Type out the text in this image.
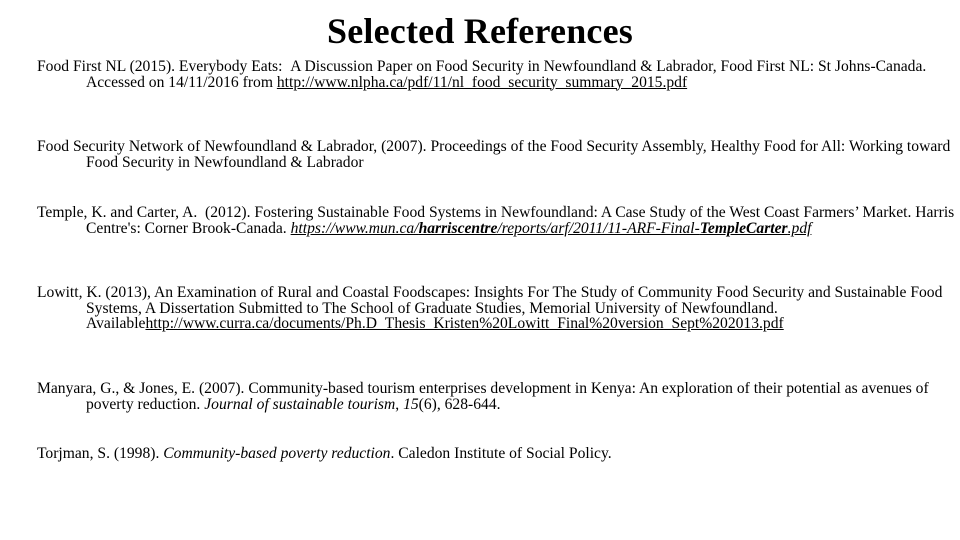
Selected References
Food First NL (2015). Everybody Eats:  A Discussion Paper on Food Security in Newfoundland & Labrador, Food First NL: St Johns-Canada. Accessed on 14/11/2016 from http://www.nlpha.ca/pdf/11/nl_food_security_summary_2015.pdf
Food Security Network of Newfoundland & Labrador, (2007). Proceedings of the Food Security Assembly, Healthy Food for All: Working toward Food Security in Newfoundland & Labrador
Temple, K. and Carter, A.  (2012). Fostering Sustainable Food Systems in Newfoundland: A Case Study of the West Coast Farmers’ Market. Harris Centre's: Corner Brook-Canada. https://www.mun.ca/harriscentre/reports/arf/2011/11-ARF-Final-TempleCarter.pdf
Lowitt, K. (2013), An Examination of Rural and Coastal Foodscapes: Insights For The Study of Community Food Security and Sustainable Food Systems, A Dissertation Submitted to The School of Graduate Studies, Memorial University of Newfoundland. Availablehttp://www.curra.ca/documents/Ph.D_Thesis_Kristen%20Lowitt_Final%20version_Sept%202013.pdf
Manyara, G., & Jones, E. (2007). Community-based tourism enterprises development in Kenya: An exploration of their potential as avenues of poverty reduction. Journal of sustainable tourism, 15(6), 628-644.
Torjman, S. (1998). Community-based poverty reduction. Caledon Institute of Social Policy.
